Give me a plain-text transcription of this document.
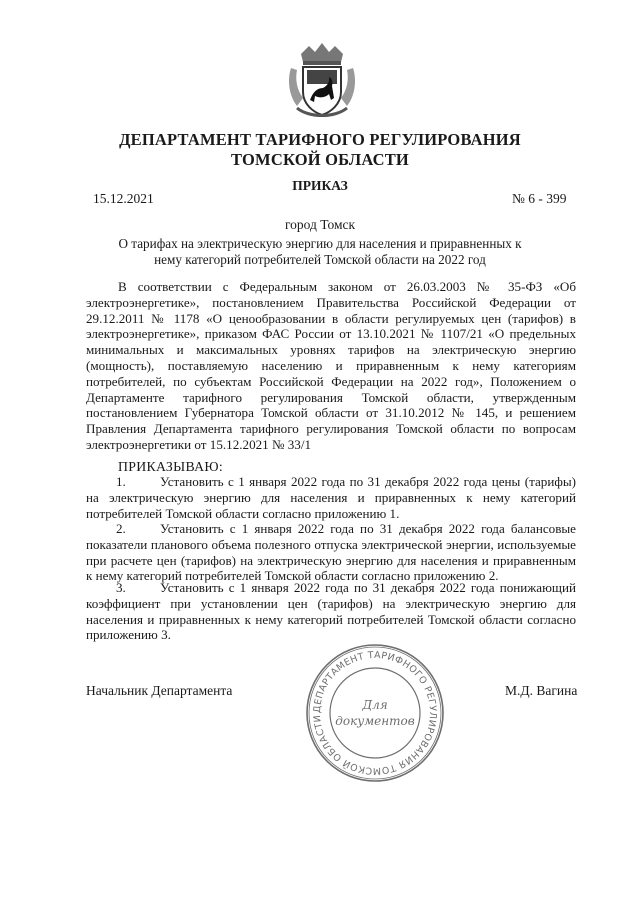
ДЕПАРТАМЕНТ ТАРИФНОГО РЕГУЛИРОВАНИЯ
ТОМСКОЙ ОБЛАСТИ
ПРИКАЗ
15.12.2021	№ 6 - 399
город Томск
О тарифах на электрическую энергию для населения и приравненных к нему категорий потребителей Томской области на 2022 год
В соответствии с Федеральным законом от 26.03.2003 № 35-ФЗ «Об электроэнергетике», постановлением Правительства Российской Федерации от 29.12.2011 № 1178 «О ценообразовании в области регулируемых цен (тарифов) в электроэнергетике», приказом ФАС России от 13.10.2021 № 1107/21 «О предельных минимальных и максимальных уровнях тарифов на электрическую энергию (мощность), поставляемую населению и приравненным к нему категориям потребителей, по субъектам Российской Федерации на 2022 год», Положением о Департаменте тарифного регулирования Томской области, утвержденным постановлением Губернатора Томской области от 31.10.2012 № 145, и решением Правления Департамента тарифного регулирования Томской области по вопросам электроэнергетики от 15.12.2021 № 33/1
ПРИКАЗЫВАЮ:
1.	Установить с 1 января 2022 года по 31 декабря 2022 года цены (тарифы) на электрическую энергию для населения и приравненных к нему категорий потребителей Томской области согласно приложению 1.
2.	Установить с 1 января 2022 года по 31 декабря 2022 года балансовые показатели планового объема полезного отпуска электрической энергии, используемые при расчете цен (тарифов) на электрическую энергию для населения и приравненным к нему категорий потребителей Томской области согласно приложению 2.
3.	Установить с 1 января 2022 года по 31 декабря 2022 года понижающий коэффициент при установлении цен (тарифов) на электрическую энергию для населения и приравненных к нему категорий потребителей Томской области согласно приложению 3.
Начальник Департамента	М.Д. Вагина
ДЕПАРТАМЕНТ ТАРИФНОГО РЕГУЛИРОВАНИЯ ТОМСКОЙ ОБЛАСТИ
Для
документов
